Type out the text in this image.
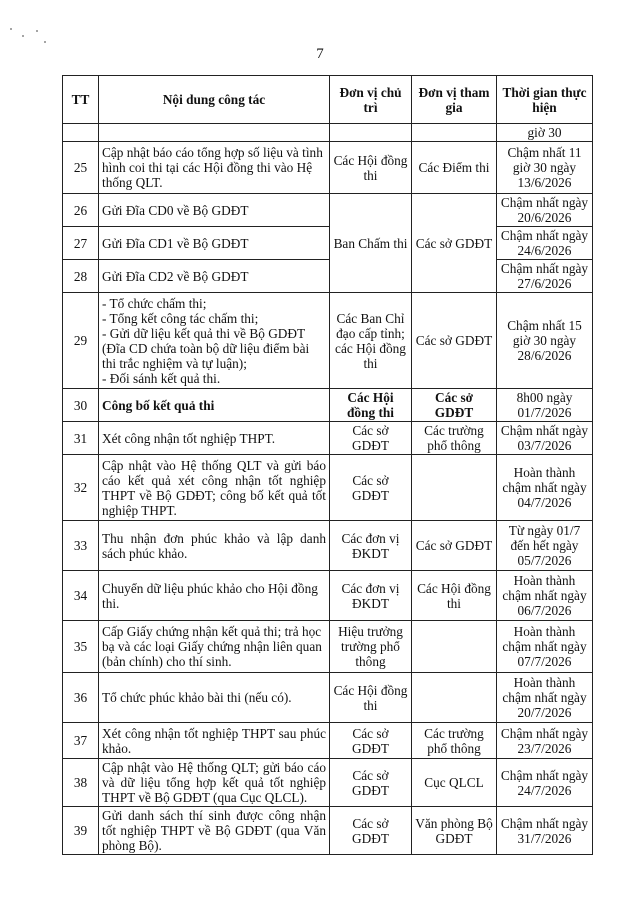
7
TT	Nội dung công tác	Đơn vị chủ trì	Đơn vị tham gia	Thời gian thực hiện
				giờ 30
25	Cập nhật báo cáo tổng hợp số liệu và tình hình coi thi tại các Hội đồng thi vào Hệ thống QLT.	Các Hội đồng thi	Các Điểm thi	Chậm nhất 11 giờ 30 ngày 13/6/2026
26	Gửi Đĩa CD0 về Bộ GDĐT	Ban Chấm thi	Các sở GDĐT	Chậm nhất ngày 20/6/2026
27	Gửi Đĩa CD1 về Bộ GDĐT			Chậm nhất ngày 24/6/2026
28	Gửi Đĩa CD2 về Bộ GDĐT			Chậm nhất ngày 27/6/2026
29	- Tổ chức chấm thi;
- Tổng kết công tác chấm thi;
- Gửi dữ liệu kết quả thi về Bộ GDĐT (Đĩa CD chứa toàn bộ dữ liệu điểm bài thi trắc nghiệm và tự luận);
- Đối sánh kết quả thi.	Các Ban Chỉ đạo cấp tỉnh; các Hội đồng thi	Các sở GDĐT	Chậm nhất 15 giờ 30 ngày 28/6/2026
30	Công bố kết quả thi	Các Hội đồng thi	Các sở GDĐT	8h00 ngày 01/7/2026
31	Xét công nhận tốt nghiệp THPT.	Các sở GDĐT	Các trường phổ thông	Chậm nhất ngày 03/7/2026
32	Cập nhật vào Hệ thống QLT và gửi báo cáo kết quả xét công nhận tốt nghiệp THPT về Bộ GDĐT; công bố kết quả tốt nghiệp THPT.	Các sở GDĐT		Hoàn thành chậm nhất ngày 04/7/2026
33	Thu nhận đơn phúc khảo và lập danh sách phúc khảo.	Các đơn vị ĐKDT	Các sở GDĐT	Từ ngày 01/7 đến hết ngày 05/7/2026
34	Chuyển dữ liệu phúc khảo cho Hội đồng thi.	Các đơn vị ĐKDT	Các Hội đồng thi	Hoàn thành chậm nhất ngày 06/7/2026
35	Cấp Giấy chứng nhận kết quả thi; trả học bạ và các loại Giấy chứng nhận liên quan (bản chính) cho thí sinh.	Hiệu trưởng trường phổ thông		Hoàn thành chậm nhất ngày 07/7/2026
36	Tổ chức phúc khảo bài thi (nếu có).	Các Hội đồng thi		Hoàn thành chậm nhất ngày 20/7/2026
37	Xét công nhận tốt nghiệp THPT sau phúc khảo.	Các sở GDĐT	Các trường phổ thông	Chậm nhất ngày 23/7/2026
38	Cập nhật vào Hệ thống QLT; gửi báo cáo và dữ liệu tổng hợp kết quả tốt nghiệp THPT về Bộ GDĐT (qua Cục QLCL).	Các sở GDĐT	Cục QLCL	Chậm nhất ngày 24/7/2026
39	Gửi danh sách thí sinh được công nhận tốt nghiệp THPT về Bộ GDĐT (qua Văn phòng Bộ).	Các sở GDĐT	Văn phòng Bộ GDĐT	Chậm nhất ngày 31/7/2026
